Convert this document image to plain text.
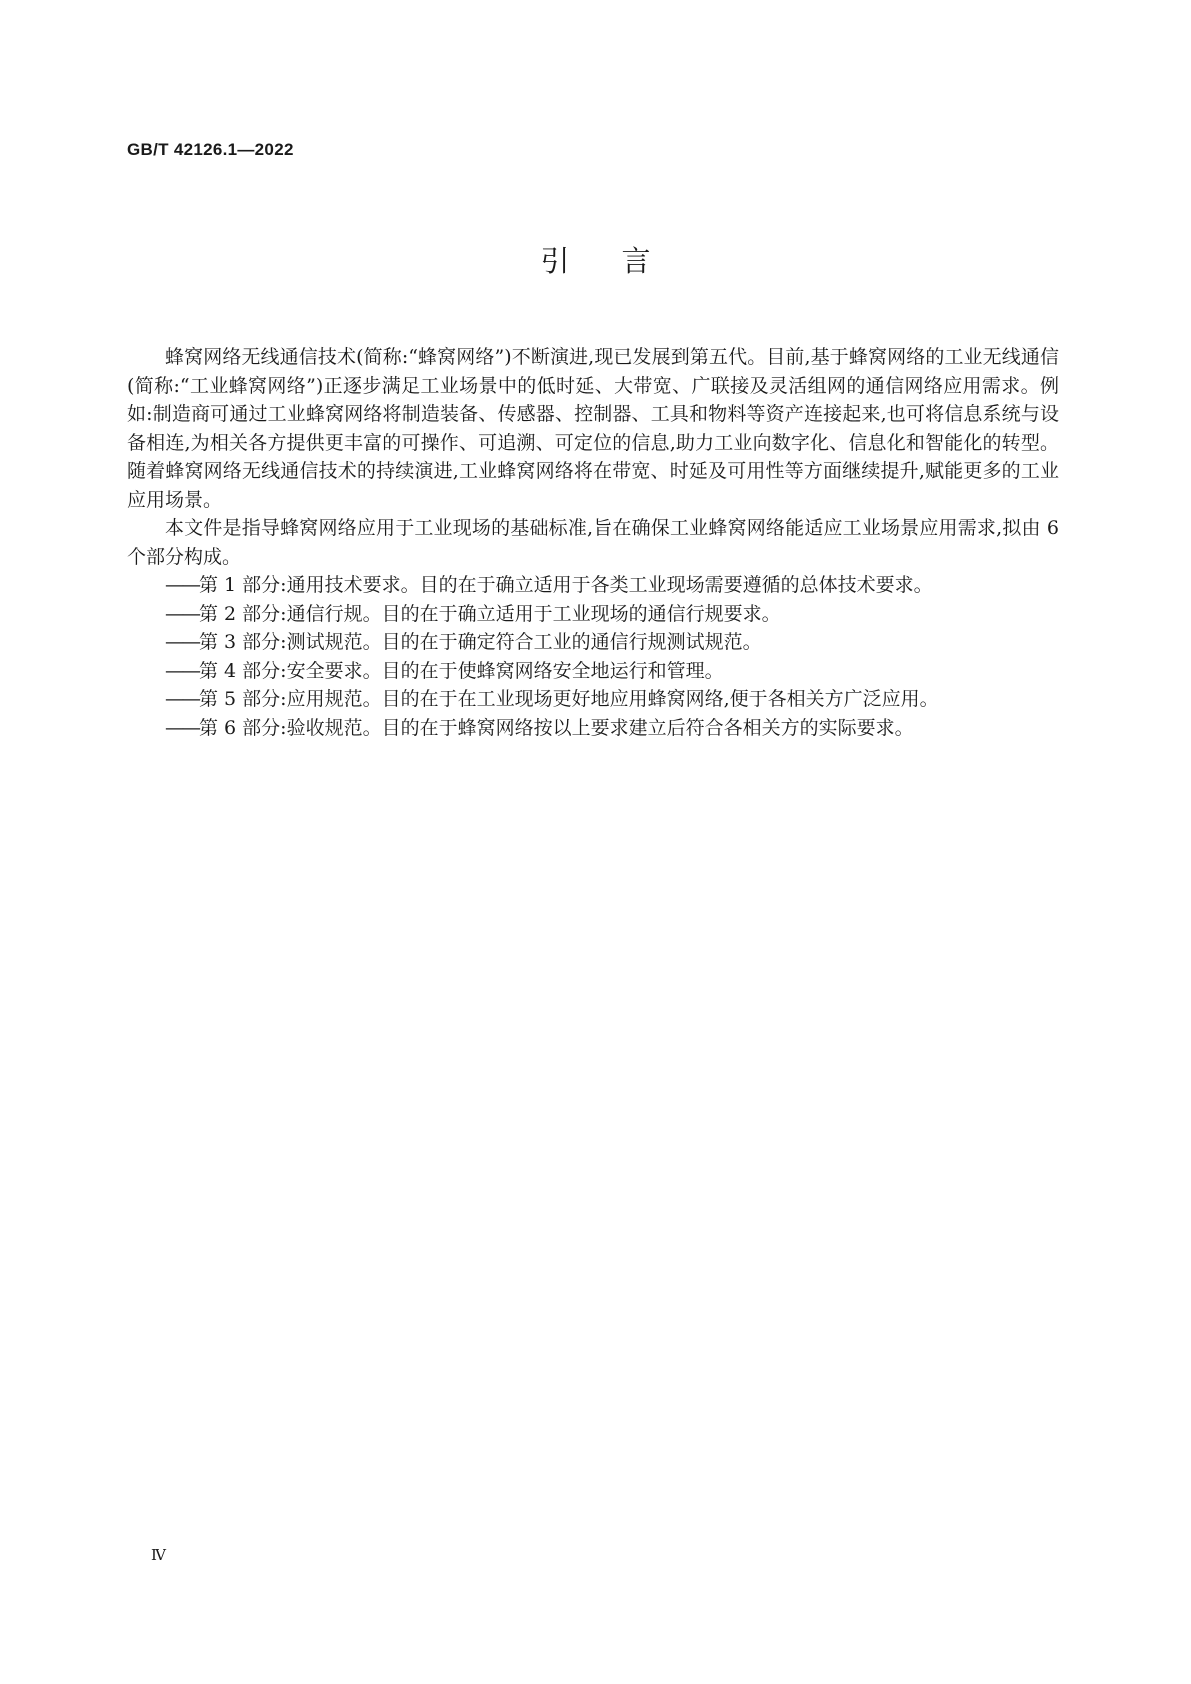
GB/T 42126.1—2022
引言

蜂窝网络无线通信技术(简称:“蜂窝网络”)不断演进,现已发展到第五代。目前,基于蜂窝网络的工业无线通信(简称:“工业蜂窝网络”)正逐步满足工业场景中的低时延、大带宽、广联接及灵活组网的通信网络应用需求。例如:制造商可通过工业蜂窝网络将制造装备、传感器、控制器、工具和物料等资产连接起来,也可将信息系统与设备相连,为相关各方提供更丰富的可操作、可追溯、可定位的信息,助力工业向数字化、信息化和智能化的转型。随着蜂窝网络无线通信技术的持续演进,工业蜂窝网络将在带宽、时延及可用性等方面继续提升,赋能更多的工业应用场景。

本文件是指导蜂窝网络应用于工业现场的基础标准,旨在确保工业蜂窝网络能适应工业场景应用需求,拟由 6 个部分构成。

——第 1 部分:通用技术要求。目的在于确立适用于各类工业现场需要遵循的总体技术要求。
——第 2 部分:通信行规。目的在于确立适用于工业现场的通信行规要求。
——第 3 部分:测试规范。目的在于确定符合工业的通信行规测试规范。
——第 4 部分:安全要求。目的在于使蜂窝网络安全地运行和管理。
——第 5 部分:应用规范。目的在于在工业现场更好地应用蜂窝网络,便于各相关方广泛应用。
——第 6 部分:验收规范。目的在于蜂窝网络按以上要求建立后符合各相关方的实际要求。
Ⅳ
